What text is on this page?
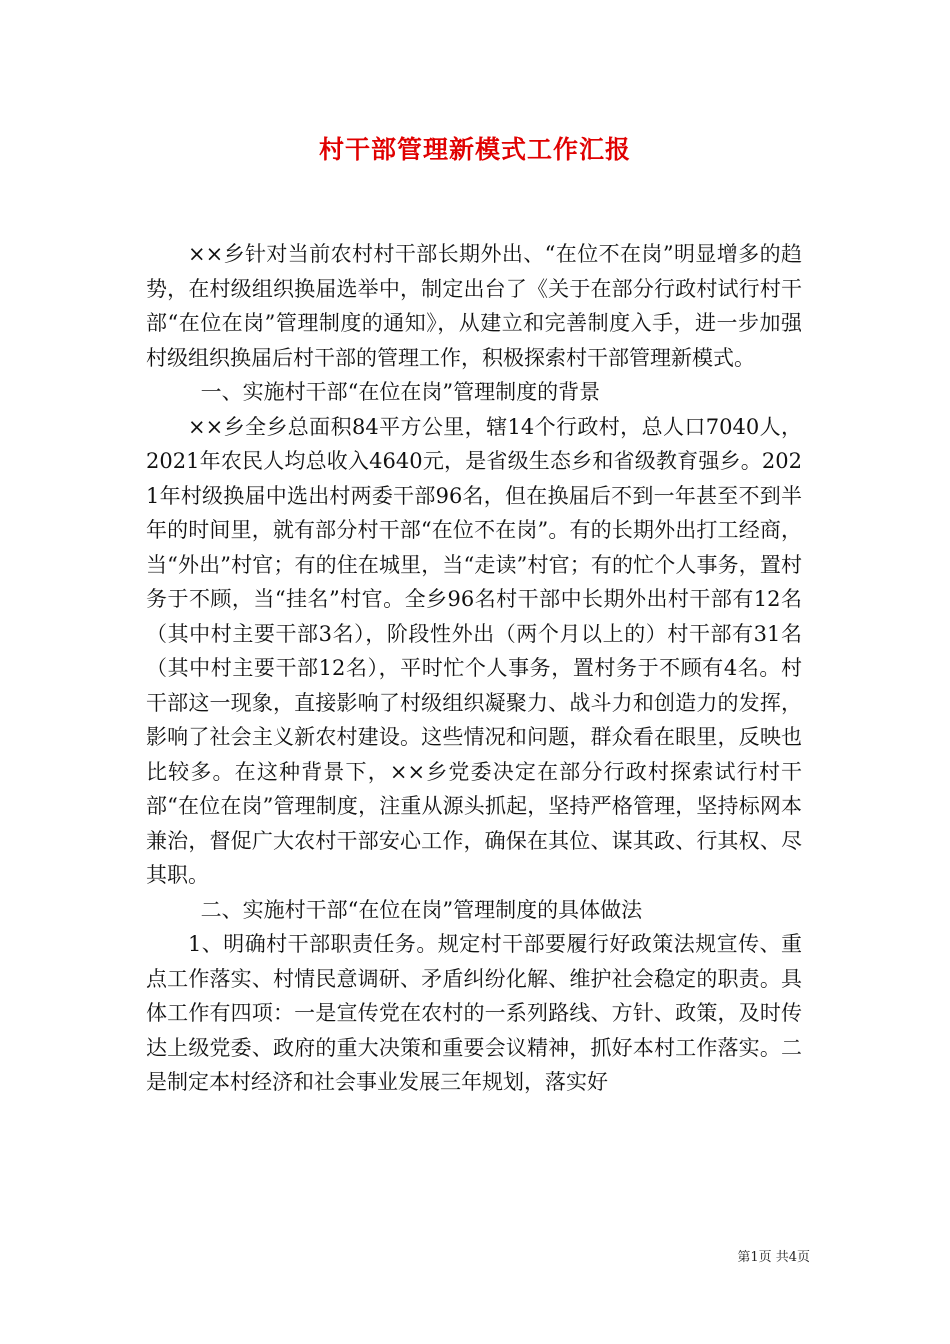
村干部管理新模式工作汇报

××乡针对当前农村村干部长期外出、“在位不在岗”明显增多的趋势，在村级组织换届选举中，制定出台了《关于在部分行政村试行村干部“在位在岗”管理制度的通知》，从建立和完善制度入手，进一步加强村级组织换届后村干部的管理工作，积极探索村干部管理新模式。

一、实施村干部“在位在岗”管理制度的背景

××乡全乡总面积84平方公里，辖14个行政村，总人口7040人，2021年农民人均总收入4640元，是省级生态乡和省级教育强乡。2021年村级换届中选出村两委干部96名，但在换届后不到一年甚至不到半年的时间里，就有部分村干部“在位不在岗”。有的长期外出打工经商，当“外出”村官；有的住在城里，当“走读”村官；有的忙个人事务，置村务于不顾，当“挂名”村官。全乡96名村干部中长期外出村干部有12名（其中村主要干部3名），阶段性外出（两个月以上的）村干部有31名（其中村主要干部12名），平时忙个人事务，置村务于不顾有4名。村干部这一现象，直接影响了村级组织凝聚力、战斗力和创造力的发挥，影响了社会主义新农村建设。这些情况和问题，群众看在眼里，反映也比较多。在这种背景下，××乡党委决定在部分行政村探索试行村干部“在位在岗”管理制度，注重从源头抓起，坚持严格管理，坚持标网本兼治，督促广大农村干部安心工作，确保在其位、谋其政、行其权、尽其职。

二、实施村干部“在位在岗”管理制度的具体做法

1、明确村干部职责任务。规定村干部要履行好政策法规宣传、重点工作落实、村情民意调研、矛盾纠纷化解、维护社会稳定的职责。具体工作有四项：一是宣传党在农村的一系列路线、方针、政策，及时传达上级党委、政府的重大决策和重要会议精神，抓好本村工作落实。二是制定本村经济和社会事业发展三年规划，落实好

第1页 共4页
